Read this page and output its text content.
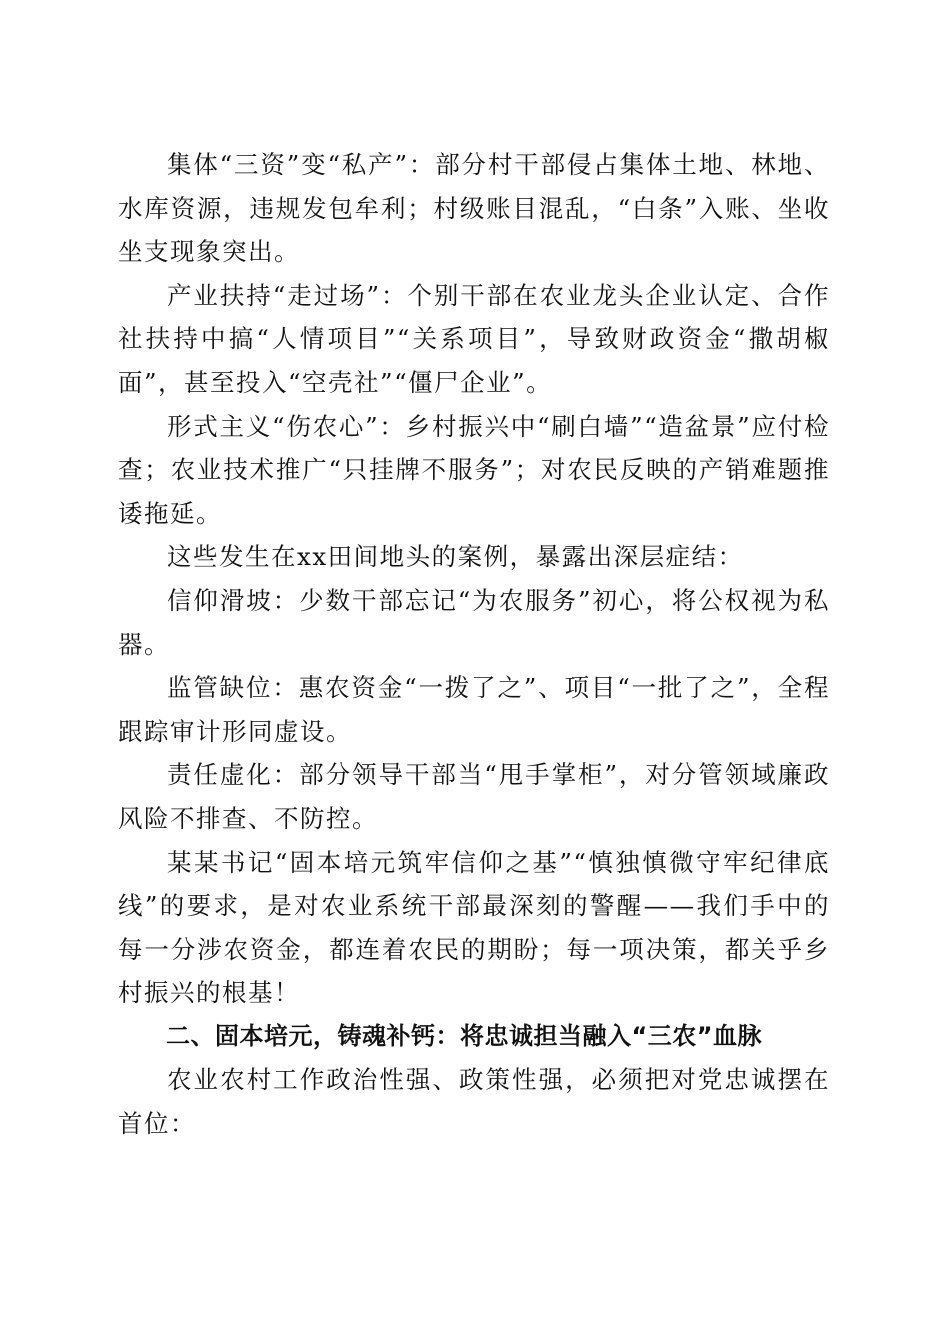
集体“三资”变“私产”：部分村干部侵占集体土地、林地、水库资源，违规发包牟利；村级账目混乱，“白条”入账、坐收坐支现象突出。

产业扶持“走过场”：个别干部在农业龙头企业认定、合作社扶持中搞“人情项目”“关系项目”，导致财政资金“撒胡椒面”，甚至投入“空壳社”“僵尸企业”。

形式主义“伤农心”：乡村振兴中“刷白墙”“造盆景”应付检查；农业技术推广“只挂牌不服务”；对农民反映的产销难题推诿拖延。

这些发生在xx田间地头的案例，暴露出深层症结：

信仰滑坡：少数干部忘记“为农服务”初心，将公权视为私器。

监管缺位：惠农资金“一拨了之”、项目“一批了之”，全程跟踪审计形同虚设。

责任虚化：部分领导干部当“甩手掌柜”，对分管领域廉政风险不排查、不防控。

某某书记“固本培元筑牢信仰之基”“慎独慎微守牢纪律底线”的要求，是对农业系统干部最深刻的警醒——我们手中的每一分涉农资金，都连着农民的期盼；每一项决策，都关乎乡村振兴的根基！

二、固本培元，铸魂补钙：将忠诚担当融入“三农”血脉

农业农村工作政治性强、政策性强，必须把对党忠诚摆在首位：
